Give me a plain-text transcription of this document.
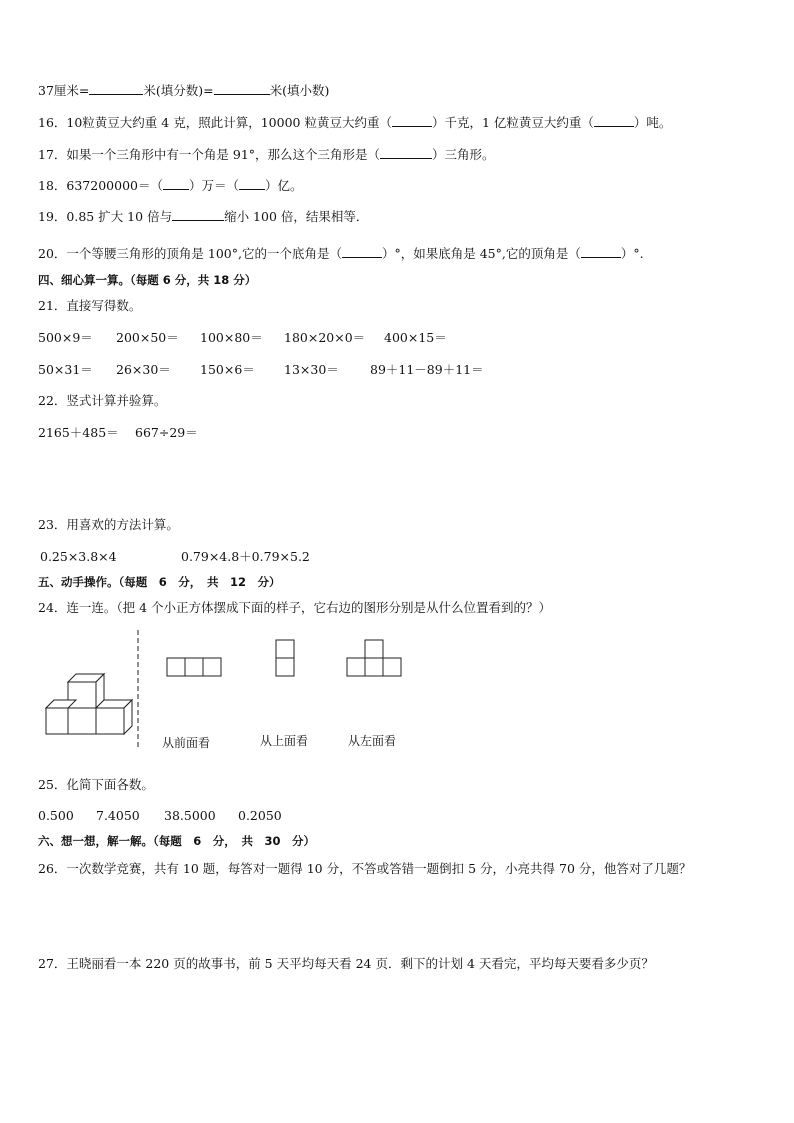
37厘米=	米(填分数)=	米(填小数)
16．10粒黄豆大约重 4 克，照此计算，10000 粒黄豆大约重（	）千克，1 亿粒黄豆大约重（	）吨。
17．如果一个三角形中有一个角是 91°，那么这个三角形是（	）三角形。
18．637200000＝（ ）万＝（ ）亿。
19．0.85 扩大 10 倍与	缩小 100 倍，结果相等．
20．一个等腰三角形的顶角是 100°,它的一个底角是（	）°，如果底角是 45°,它的顶角是（	）°.
四、细心算一算。（每题 6 分，共 18 分）
21．直接写得数。
500×9＝ 200×50＝ 100×80＝ 180×20×0＝ 400×15＝
50×31＝ 26×30＝ 150×6＝ 13×30＝ 89＋11－89＋11＝
22．竖式计算并验算。
2165＋485＝ 667÷29＝
23．用喜欢的方法计算。
0.25×3.8×4	0.79×4.8＋0.79×5.2
五、动手操作。（每题　6　分，　共　12　分）
24．连一连。（把 4 个小正方体摆成下面的样子，它右边的图形分别是从什么位置看到的？）
从前面看	从上面看	从左面看
25．化简下面各数。
0.500 7.4050 38.5000 0.2050
六、想一想，解一解。（每题　6　分，　共　30　分）
26．一次数学竞赛，共有 10 题，每答对一题得 10 分，不答或答错一题倒扣 5 分，小亮共得 70 分，他答对了几题？
27．王晓丽看一本 220 页的故事书，前 5 天平均每天看 24 页．剩下的计划 4 天看完，平均每天要看多少页？
